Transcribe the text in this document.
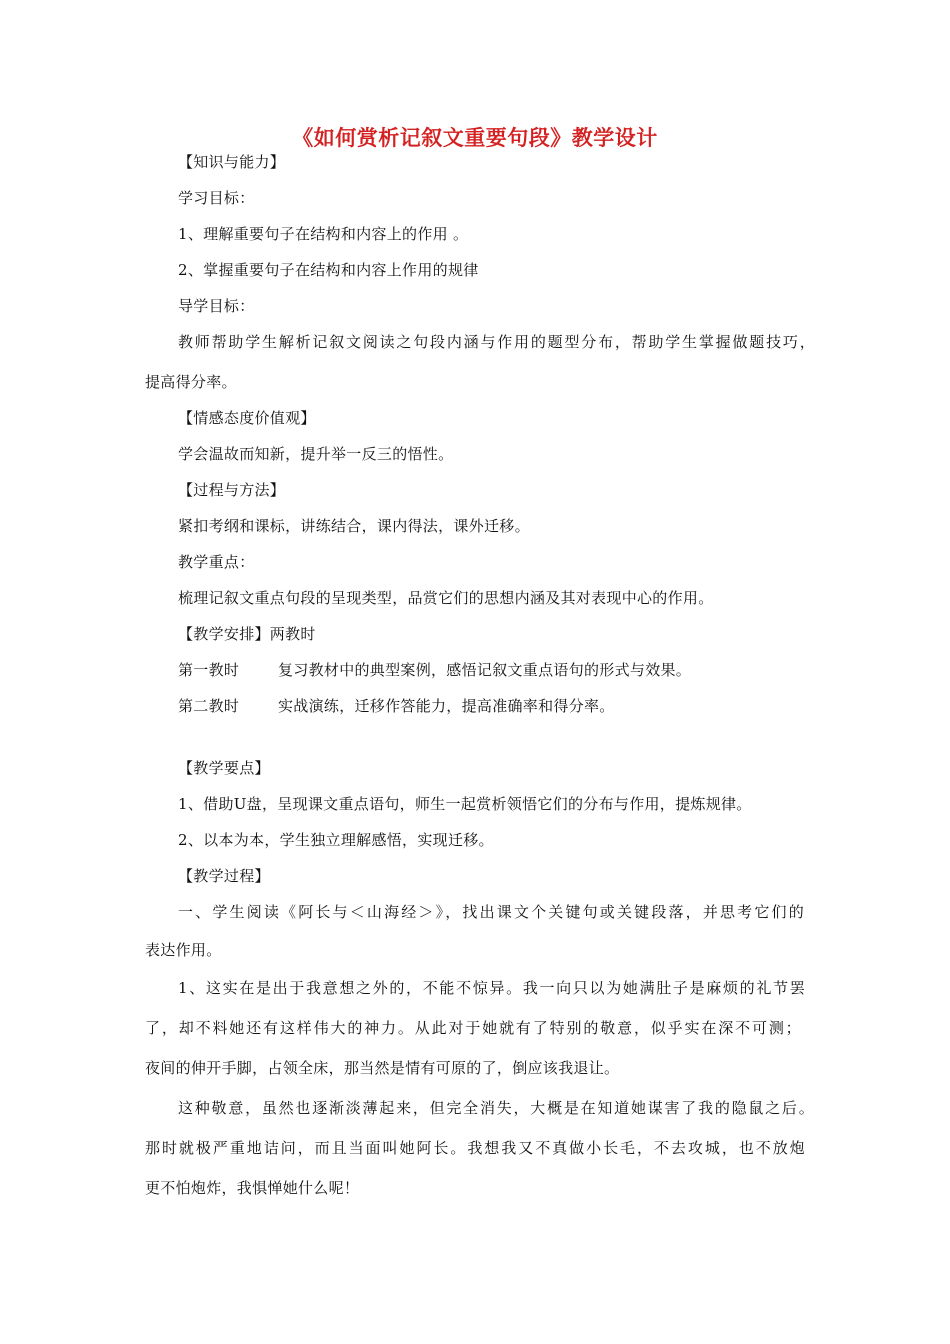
《如何赏析记叙文重要句段》教学设计
【知识与能力】
学习目标：
1、理解重要句子在结构和内容上的作用 。
2、掌握重要句子在结构和内容上作用的规律
导学目标：
教师帮助学生解析记叙文阅读之句段内涵与作用的题型分布，帮助学生掌握做题技巧，
提高得分率。
【情感态度价值观】
学会温故而知新，提升举一反三的悟性。
【过程与方法】
紧扣考纲和课标，讲练结合，课内得法，课外迁移。
教学重点：
梳理记叙文重点句段的呈现类型，品赏它们的思想内涵及其对表现中心的作用。
【教学安排】两教时
第一教时	复习教材中的典型案例，感悟记叙文重点语句的形式与效果。
第二教时	实战演练，迁移作答能力，提高准确率和得分率。
【教学要点】
1、借助U盘，呈现课文重点语句，师生一起赏析领悟它们的分布与作用，提炼规律。
2、以本为本，学生独立理解感悟，实现迁移。
【教学过程】
一、学生阅读《阿长与＜山海经＞》，找出课文个关键句或关键段落，并思考它们的
表达作用。
1、这实在是出于我意想之外的，不能不惊异。我一向只以为她满肚子是麻烦的礼节罢
了，却不料她还有这样伟大的神力。从此对于她就有了特别的敬意，似乎实在深不可测；
夜间的伸开手脚，占领全床，那当然是情有可原的了，倒应该我退让。
这种敬意，虽然也逐渐淡薄起来，但完全消失，大概是在知道她谋害了我的隐鼠之后。
那时就极严重地诘问，而且当面叫她阿长。我想我又不真做小长毛，不去攻城，也不放炮
更不怕炮炸，我惧惮她什么呢！
